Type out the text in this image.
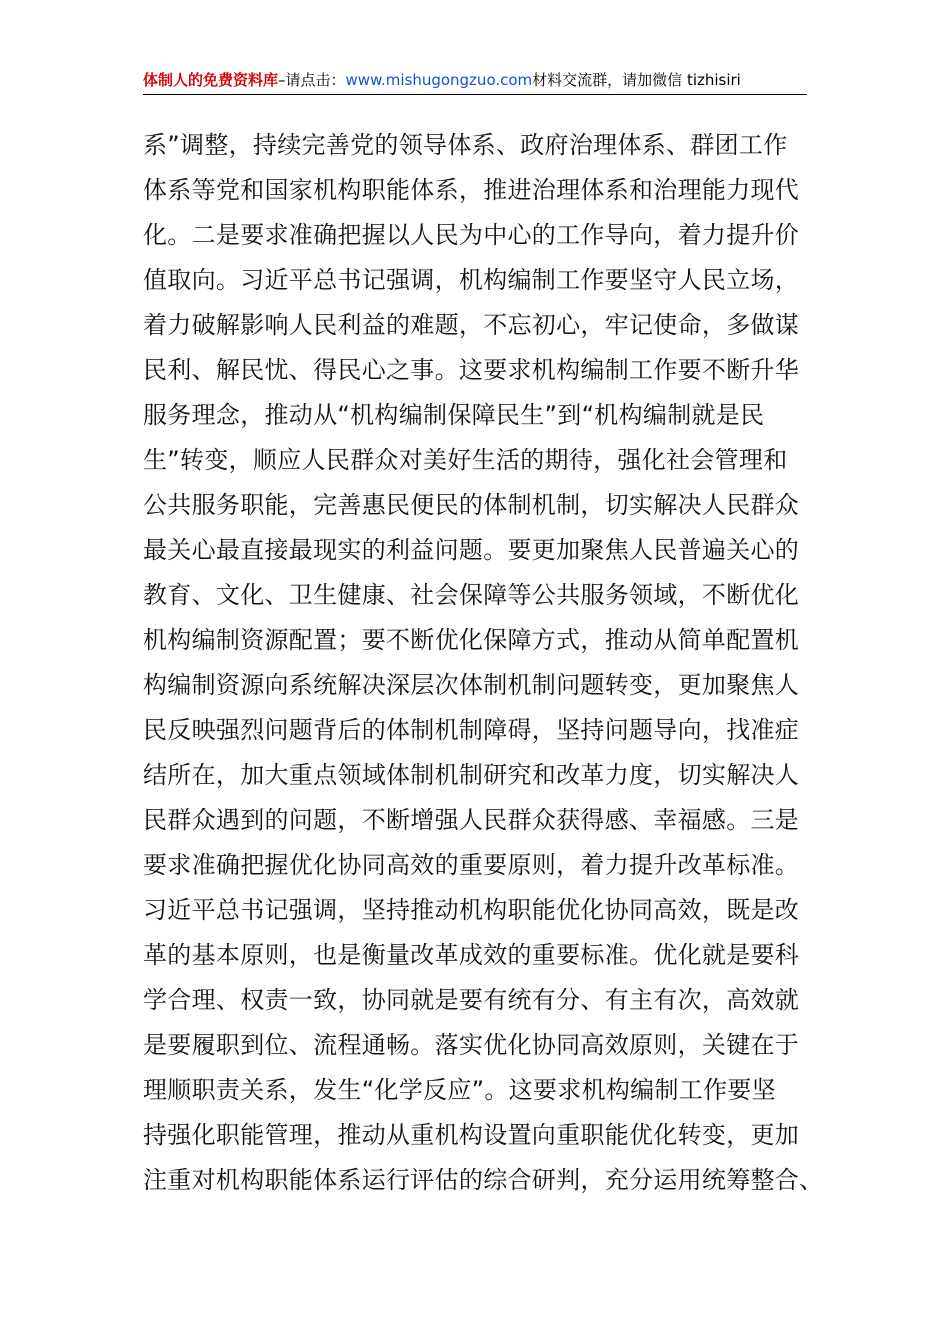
体制人的免费资料库–请点击：www.mishugongzuo.com材料交流群，请加微信 tizhisiri
系”调整，持续完善党的领导体系、政府治理体系、群团工作
体系等党和国家机构职能体系，推进治理体系和治理能力现代
化。二是要求准确把握以人民为中心的工作导向，着力提升价
值取向。习近平总书记强调，机构编制工作要坚守人民立场，
着力破解影响人民利益的难题，不忘初心，牢记使命，多做谋
民利、解民忧、得民心之事。这要求机构编制工作要不断升华
服务理念，推动从“机构编制保障民生”到“机构编制就是民
生”转变，顺应人民群众对美好生活的期待，强化社会管理和
公共服务职能，完善惠民便民的体制机制，切实解决人民群众
最关心最直接最现实的利益问题。要更加聚焦人民普遍关心的
教育、文化、卫生健康、社会保障等公共服务领域，不断优化
机构编制资源配置；要不断优化保障方式，推动从简单配置机
构编制资源向系统解决深层次体制机制问题转变，更加聚焦人
民反映强烈问题背后的体制机制障碍，坚持问题导向，找准症
结所在，加大重点领域体制机制研究和改革力度，切实解决人
民群众遇到的问题，不断增强人民群众获得感、幸福感。三是
要求准确把握优化协同高效的重要原则，着力提升改革标准。
习近平总书记强调，坚持推动机构职能优化协同高效，既是改
革的基本原则，也是衡量改革成效的重要标准。优化就是要科
学合理、权责一致，协同就是要有统有分、有主有次，高效就
是要履职到位、流程通畅。落实优化协同高效原则，关键在于
理顺职责关系，发生“化学反应”。这要求机构编制工作要坚
持强化职能管理，推动从重机构设置向重职能优化转变，更加
注重对机构职能体系运行评估的综合研判，充分运用统筹整合、
